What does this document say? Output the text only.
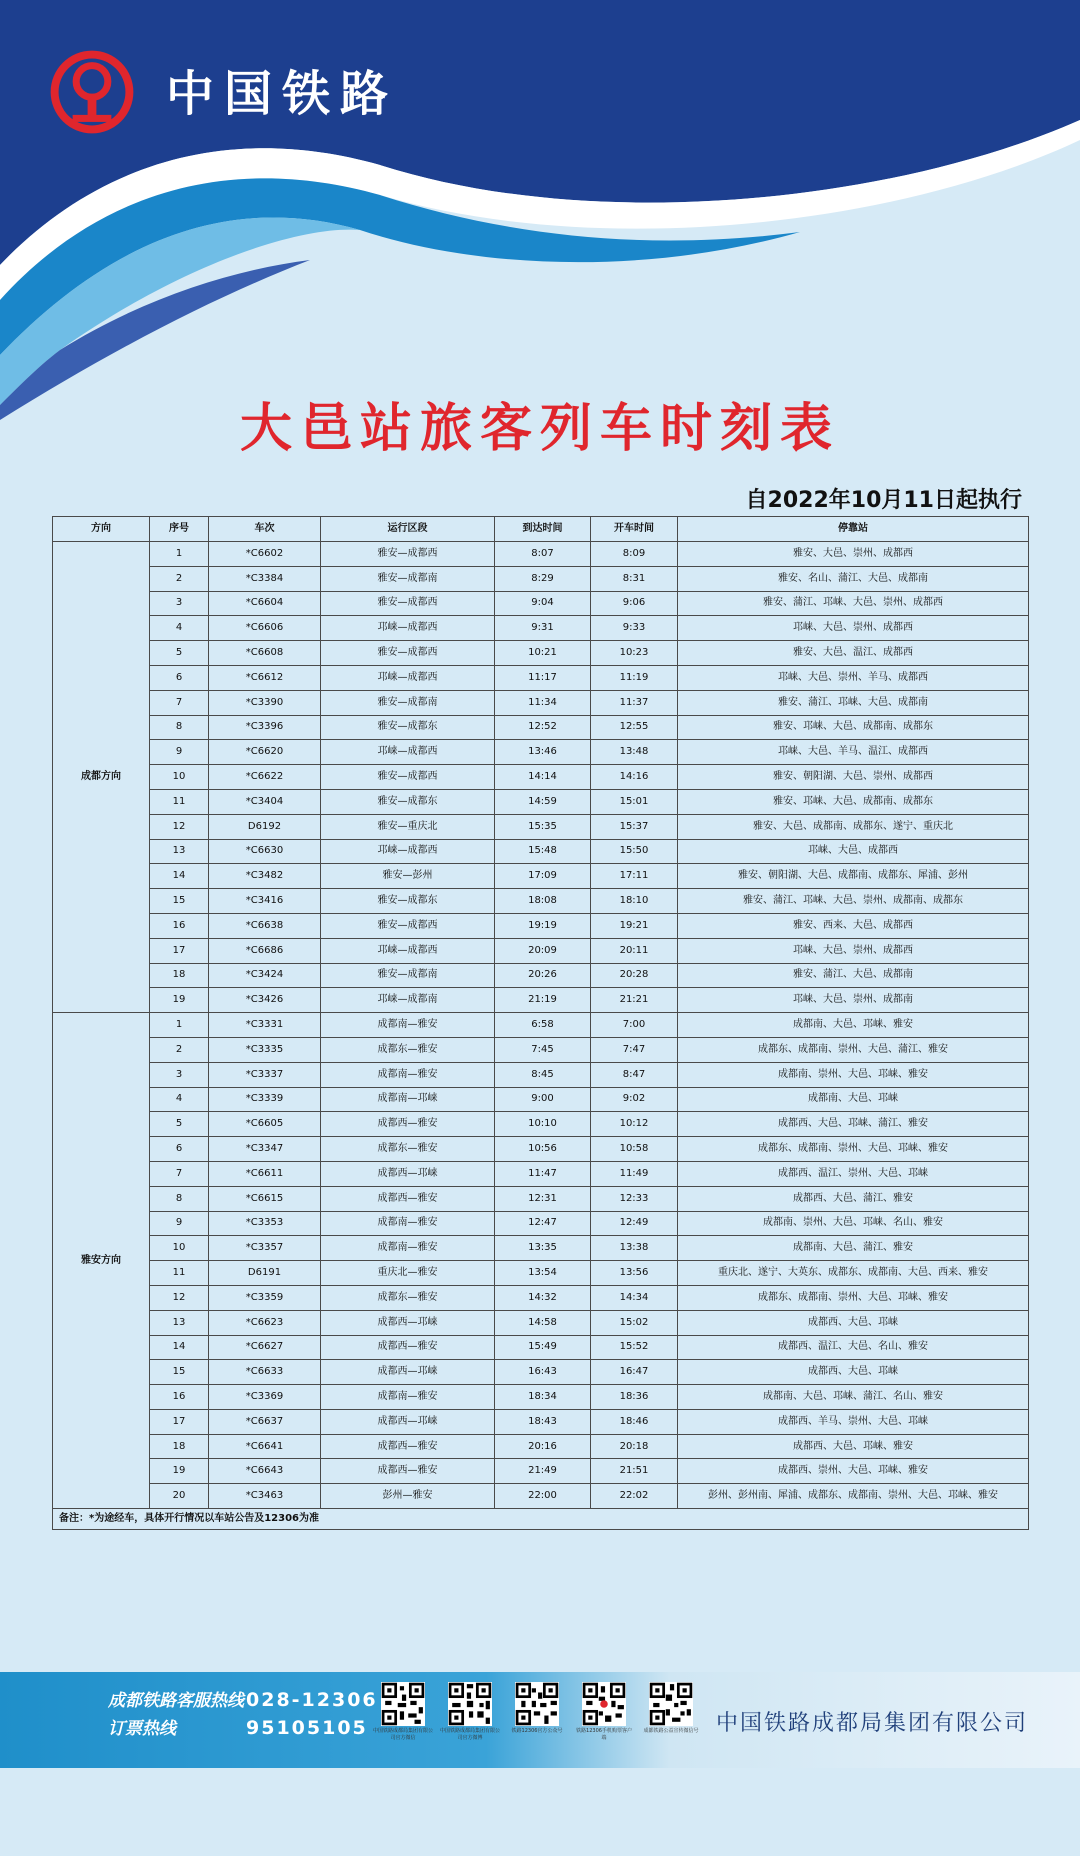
中国铁路
大邑站旅客列车时刻表
自2022年10月11日起执行
方向	序号	车次	运行区段	到达时间	开车时间	停靠站
成都方向	1	*C6602	雅安—成都西	8:07	8:09	雅安、大邑、崇州、成都西
	2	*C3384	雅安—成都南	8:29	8:31	雅安、名山、蒲江、大邑、成都南
	3	*C6604	雅安—成都西	9:04	9:06	雅安、蒲江、邛崃、大邑、崇州、成都西
	4	*C6606	邛崃—成都西	9:31	9:33	邛崃、大邑、崇州、成都西
	5	*C6608	雅安—成都西	10:21	10:23	雅安、大邑、温江、成都西
	6	*C6612	邛崃—成都西	11:17	11:19	邛崃、大邑、崇州、羊马、成都西
	7	*C3390	雅安—成都南	11:34	11:37	雅安、蒲江、邛崃、大邑、成都南
	8	*C3396	雅安—成都东	12:52	12:55	雅安、邛崃、大邑、成都南、成都东
	9	*C6620	邛崃—成都西	13:46	13:48	邛崃、大邑、羊马、温江、成都西
	10	*C6622	雅安—成都西	14:14	14:16	雅安、朝阳湖、大邑、崇州、成都西
	11	*C3404	雅安—成都东	14:59	15:01	雅安、邛崃、大邑、成都南、成都东
	12	D6192	雅安—重庆北	15:35	15:37	雅安、大邑、成都南、成都东、遂宁、重庆北
	13	*C6630	邛崃—成都西	15:48	15:50	邛崃、大邑、成都西
	14	*C3482	雅安—彭州	17:09	17:11	雅安、朝阳湖、大邑、成都南、成都东、犀浦、彭州
	15	*C3416	雅安—成都东	18:08	18:10	雅安、蒲江、邛崃、大邑、崇州、成都南、成都东
	16	*C6638	雅安—成都西	19:19	19:21	雅安、西来、大邑、成都西
	17	*C6686	邛崃—成都西	20:09	20:11	邛崃、大邑、崇州、成都西
	18	*C3424	雅安—成都南	20:26	20:28	雅安、蒲江、大邑、成都南
	19	*C3426	邛崃—成都南	21:19	21:21	邛崃、大邑、崇州、成都南
雅安方向	1	*C3331	成都南—雅安	6:58	7:00	成都南、大邑、邛崃、雅安
	2	*C3335	成都东—雅安	7:45	7:47	成都东、成都南、崇州、大邑、蒲江、雅安
	3	*C3337	成都南—雅安	8:45	8:47	成都南、崇州、大邑、邛崃、雅安
	4	*C3339	成都南—邛崃	9:00	9:02	成都南、大邑、邛崃
	5	*C6605	成都西—雅安	10:10	10:12	成都西、大邑、邛崃、蒲江、雅安
	6	*C3347	成都东—雅安	10:56	10:58	成都东、成都南、崇州、大邑、邛崃、雅安
	7	*C6611	成都西—邛崃	11:47	11:49	成都西、温江、崇州、大邑、邛崃
	8	*C6615	成都西—雅安	12:31	12:33	成都西、大邑、蒲江、雅安
	9	*C3353	成都南—雅安	12:47	12:49	成都南、崇州、大邑、邛崃、名山、雅安
	10	*C3357	成都南—雅安	13:35	13:38	成都南、大邑、蒲江、雅安
	11	D6191	重庆北—雅安	13:54	13:56	重庆北、遂宁、大英东、成都东、成都南、大邑、西来、雅安
	12	*C3359	成都东—雅安	14:32	14:34	成都东、成都南、崇州、大邑、邛崃、雅安
	13	*C6623	成都西—邛崃	14:58	15:02	成都西、大邑、邛崃
	14	*C6627	成都西—雅安	15:49	15:52	成都西、温江、大邑、名山、雅安
	15	*C6633	成都西—邛崃	16:43	16:47	成都西、大邑、邛崃
	16	*C3369	成都南—雅安	18:34	18:36	成都南、大邑、邛崃、蒲江、名山、雅安
	17	*C6637	成都西—邛崃	18:43	18:46	成都西、羊马、崇州、大邑、邛崃
	18	*C6641	成都西—雅安	20:16	20:18	成都西、大邑、邛崃、雅安
	19	*C6643	成都西—雅安	21:49	21:51	成都西、崇州、大邑、邛崃、雅安
	20	*C3463	彭州—雅安	22:00	22:02	彭州、彭州南、犀浦、成都东、成都南、崇州、大邑、邛崃、雅安
备注：*为途经车，具体开行情况以车站公告及12306为准						
成都铁路客服热线 028-12306
订票热线	95105105 中国铁路成都局集团有限公司官方微信
中国铁路成都局集团有限公司官方微博
铁路12306官方公众号	铁路12306手机购票客户端
成都铁路公益宣传微信号 中国铁路成都局集团有限公司
